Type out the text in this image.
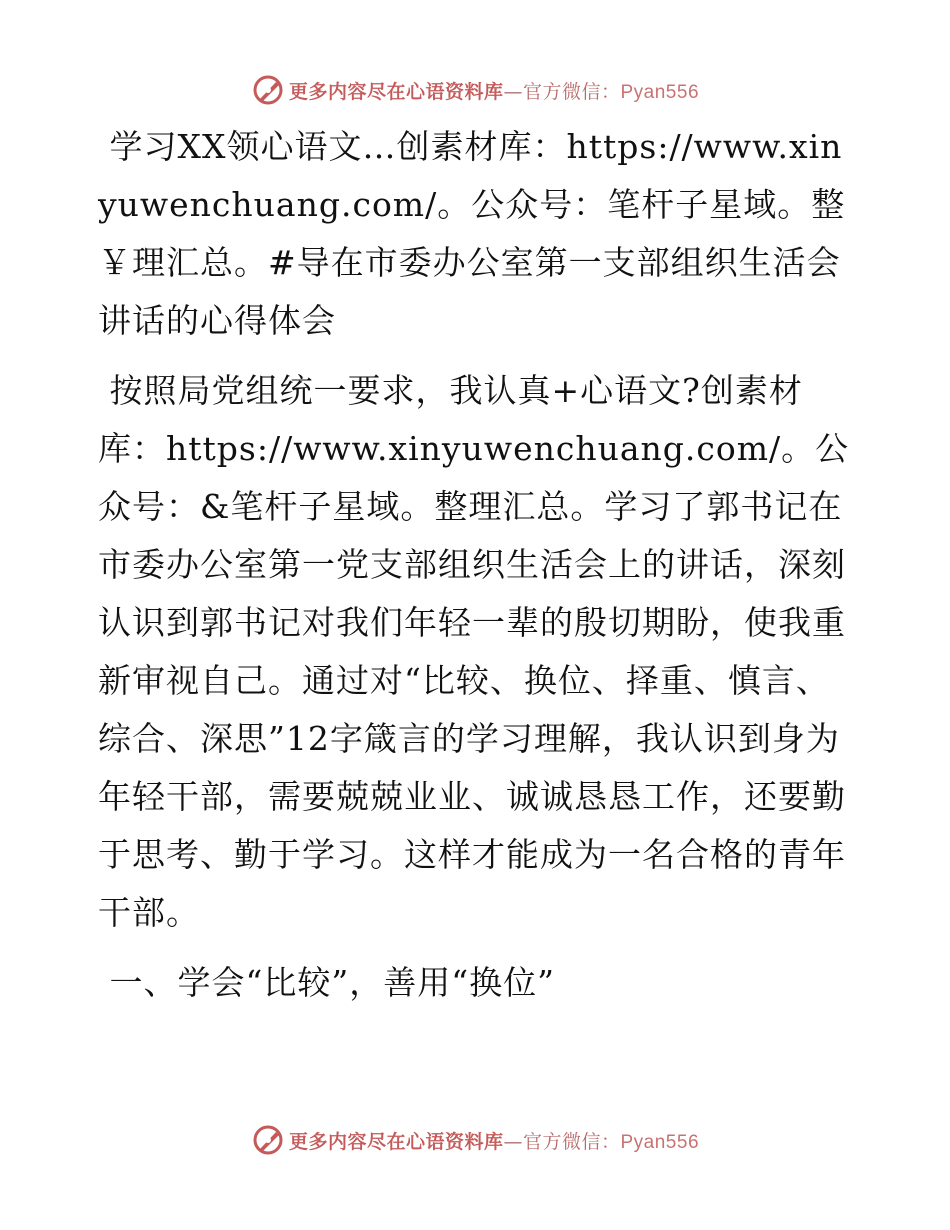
更多内容尽在心语资料库—官方微信：Pyan556

学习XX领心语文…创素材库：https://www.xinyuwenchuang.com/。公众号：笔杆子星域。整￥理汇总。#导在市委办公室第一支部组织生活会讲话的心得体会

按照局党组统一要求，我认真+心语文?创素材库：https://www.xinyuwenchuang.com/。公众号：&笔杆子星域。整理汇总。学习了郭书记在市委办公室第一党支部组织生活会上的讲话，深刻认识到郭书记对我们年轻一辈的殷切期盼，使我重新审视自己。通过对“比较、换位、择重、慎言、综合、深思”12字箴言的学习理解，我认识到身为年轻干部，需要兢兢业业、诚诚恳恳工作，还要勤于思考、勤于学习。这样才能成为一名合格的青年干部。

一、学会“比较”，善用“换位”

更多内容尽在心语资料库—官方微信：Pyan556
